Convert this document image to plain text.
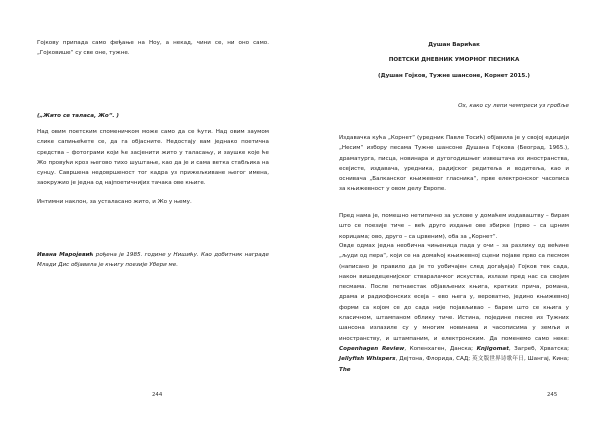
Гојкову припада само феђање на Ноу, а некад, чини се, ни оно само. „Гојковише“ су све оне, тужне.

(„Жито се таласа, Жо“. )

Над овим поетским споменичком може само да се ћути. Над овим заумом слике сапињећете се, да га објасните. Недостају вам једнако поетична средства – фотограми који ће засјенити жито у таласању, и заушке које ће Жо провући кроз његово тихо шуштање, као да је и сама ветка стабљика на сунцу. Савршена недовршеност тог кадра уз прижељкиване његог имена, заокружио је једна од најпоетичнијих тачака ове књиге.

Интимни наклон, за усталасано жито, и Жо у њему.

Ивана Маројевић рођена је 1985. године у Нишићу. Као добитник награде Млади Дис објавила је књигу поезије Убери ме.

244

Душан Варићак

ПОЕТСКИ ДНЕВНИК УМОРНОГ ПЕСНИКА

(Душан Гојков, Тужне шансоне, Корнет 2015.)

Ох, како су лепи чемпреси уз гробље

Издавачка кућа „Корнет“ (уредник Павле Тосић) објавила је у својој едицији „Несим“ избору песама Тужне шансоне Душана Гојкова (Београд, 1965.), драматурга, писца, новинара и дугогодишњег извештача из иностранства, есејисте, издавача, уредника, радијског редитеља и водитеља, као и оснивача „Балканског књижевног гласника“, прве електронског часописа за књижевност у овом делу Европе.

Пред нама је, помешно нетипично за услове у домаћем издаваштву – бирам што се поезије тиче – већ друго издање ове збирке (прво – са црним корицама; ово, друго – са црвеним), оба за „Корнет“.

Овде одмах једна необична чињеница пада у очи – за разлику од већине „људи од пера“, који се на домаћој књижевној сцени појаве прво са песмом (написано је правило да је то уобичајен след догађаја) Гојков тек сада, након вишедеценијског стваралачког искуства, излази пред нас са својим песмама. После петнаестак објављених књига, кратких прича, романа, драма и радиофонских есеја – ево њега у, вероватно, једино књижевној форми са којом се до сада није појављивао – барем што се књига у класичном, штампаном облику тиче. Истина, поједине песме из Тужних шансона излазиле су у многим новинама и часописима у земљи и иностранству, и штампаним, и електронским. Да поменемо само неке: Copenhagen Review, Копенхаген, Данска; Knjigomat, Загреб, Хрватска; Jellyfish Whispers, Дејтона, Флорида, САД; 英文版世界诗歌年日, Шангај, Кина; The

245
